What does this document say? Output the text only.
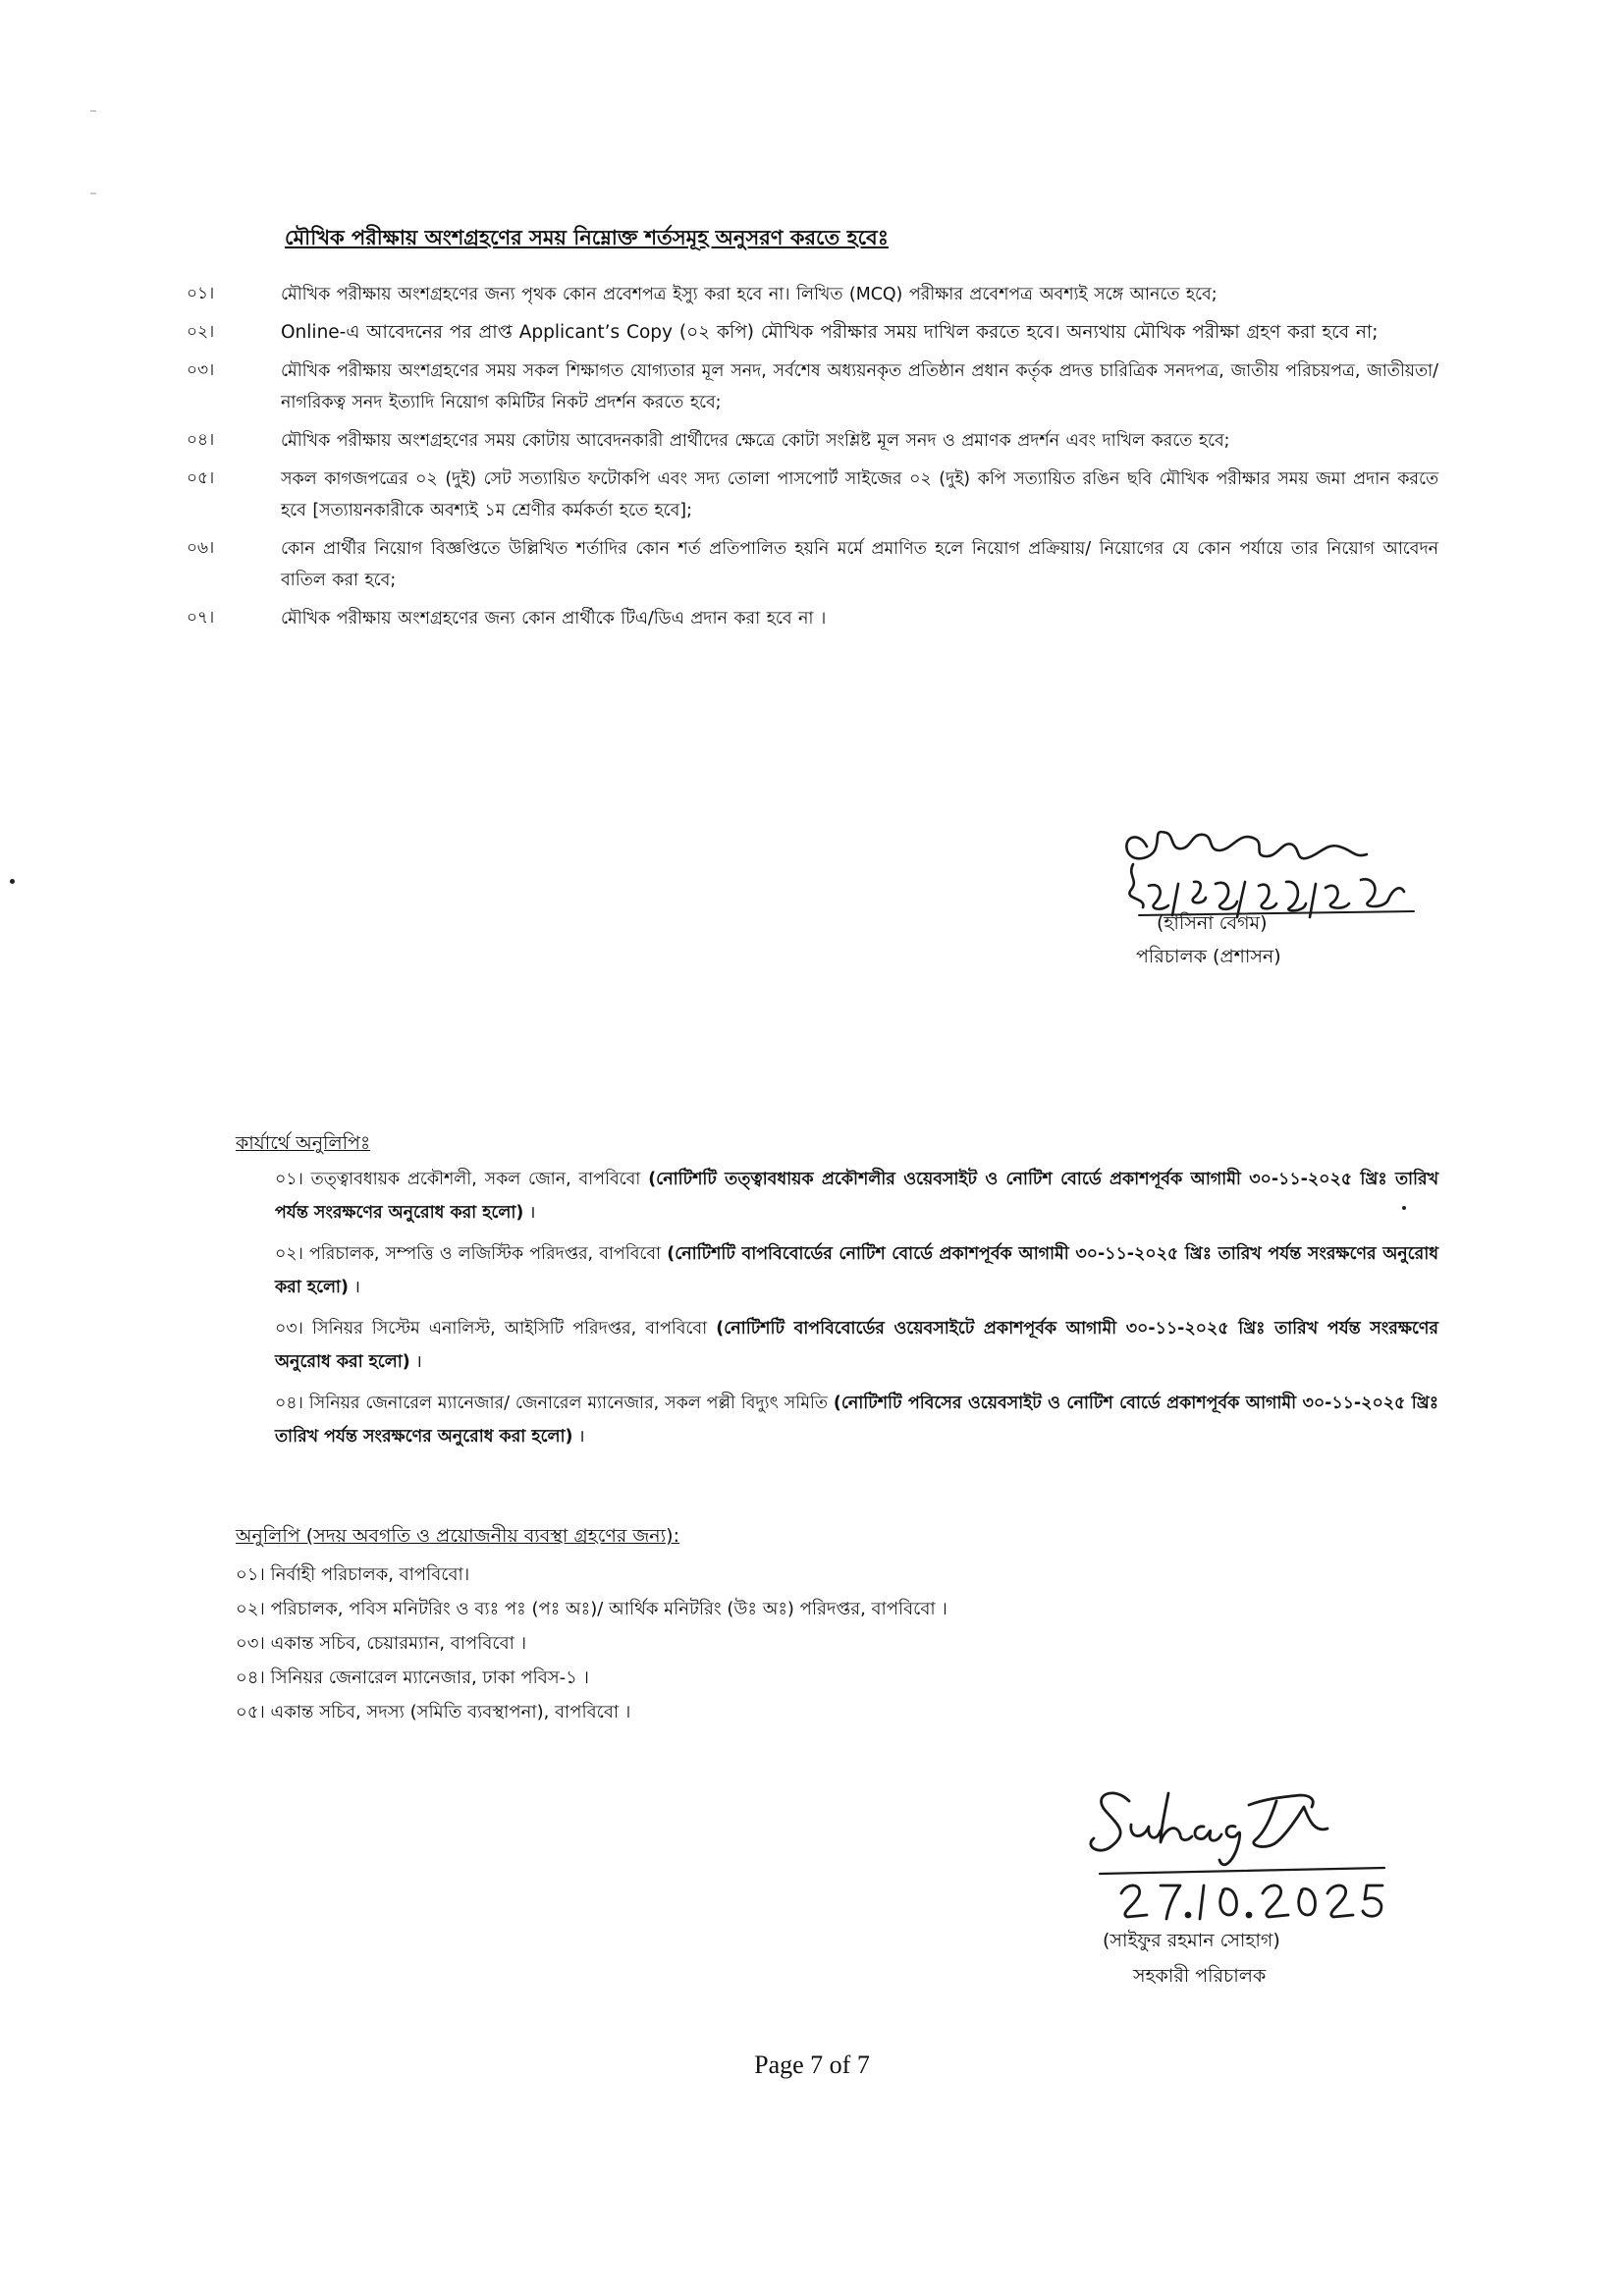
মৌখিক পরীক্ষায় অংশগ্রহণের সময় নিম্নোক্ত শর্তসমূহ অনুসরণ করতে হবেঃ
০১।	মৌখিক পরীক্ষায় অংশগ্রহণের জন্য পৃথক কোন প্রবেশপত্র ইস্যু করা হবে না। লিখিত (MCQ) পরীক্ষার প্রবেশপত্র অবশ্যই সঙ্গে আনতে হবে;
০২।	Online-এ আবেদনের পর প্রাপ্ত Applicant’s Copy (০২ কপি) মৌখিক পরীক্ষার সময় দাখিল করতে হবে। অন্যথায় মৌখিক পরীক্ষা গ্রহণ করা হবে না;
০৩।	মৌখিক পরীক্ষায় অংশগ্রহণের সময় সকল শিক্ষাগত যোগ্যতার মূল সনদ, সর্বশেষ অধ্যয়নকৃত প্রতিষ্ঠান প্রধান কর্তৃক প্রদত্ত চারিত্রিক সনদপত্র, জাতীয় পরিচয়পত্র, জাতীয়তা/নাগরিকত্ব সনদ ইত্যাদি নিয়োগ কমিটির নিকট প্রদর্শন করতে হবে;
০৪।	মৌখিক পরীক্ষায় অংশগ্রহণের সময় কোটায় আবেদনকারী প্রার্থীদের ক্ষেত্রে কোটা সংশ্লিষ্ট মূল সনদ ও প্রমাণক প্রদর্শন এবং দাখিল করতে হবে;
০৫।	সকল কাগজপত্রের ০২ (দুই) সেট সত্যায়িত ফটোকপি এবং সদ্য তোলা পাসপোর্ট সাইজের ০২ (দুই) কপি সত্যায়িত রঙিন ছবি মৌখিক পরীক্ষার সময় জমা প্রদান করতে হবে [সত্যায়নকারীকে অবশ্যই ১ম শ্রেণীর কর্মকর্তা হতে হবে];
০৬।	কোন প্রার্থীর নিয়োগ বিজ্ঞপ্তিতে উল্লিখিত শর্তাদির কোন শর্ত প্রতিপালিত হয়নি মর্মে প্রমাণিত হলে নিয়োগ প্রক্রিয়ায়/ নিয়োগের যে কোন পর্যায়ে তার নিয়োগ আবেদন বাতিল করা হবে;
০৭।	মৌখিক পরীক্ষায় অংশগ্রহণের জন্য কোন প্রার্থীকে টিএ/ডিএ প্রদান করা হবে না ।
(হাসিনা বেগম)
পরিচালক (প্রশাসন)
কার্যার্থে অনুলিপিঃ
০১। তত্ত্বাবধায়ক প্রকৌশলী, সকল জোন, বাপবিবো (নোটিশটি তত্ত্বাবধায়ক প্রকৌশলীর ওয়েবসাইট ও নোটিশ বোর্ডে প্রকাশপূর্বক আগামী ৩০-১১-২০২৫ খ্রিঃ তারিখ পর্যন্ত সংরক্ষণের অনুরোধ করা হলো) ।
০২। পরিচালক, সম্পত্তি ও লজিস্টিক পরিদপ্তর, বাপবিবো (নোটিশটি বাপবিবোর্ডের নোটিশ বোর্ডে প্রকাশপূর্বক আগামী ৩০-১১-২০২৫ খ্রিঃ তারিখ পর্যন্ত সংরক্ষণের অনুরোধ করা হলো) ।
০৩। সিনিয়র সিস্টেম এনালিস্ট, আইসিটি পরিদপ্তর, বাপবিবো (নোটিশটি বাপবিবোর্ডের ওয়েবসাইটে প্রকাশপূর্বক আগামী ৩০-১১-২০২৫ খ্রিঃ তারিখ পর্যন্ত সংরক্ষণের অনুরোধ করা হলো) ।
০৪। সিনিয়র জেনারেল ম্যানেজার/ জেনারেল ম্যানেজার, সকল পল্লী বিদ্যুৎ সমিতি (নোটিশটি পবিসের ওয়েবসাইট ও নোটিশ বোর্ডে প্রকাশপূর্বক আগামী ৩০-১১-২০২৫ খ্রিঃ তারিখ পর্যন্ত সংরক্ষণের অনুরোধ করা হলো) ।
অনুলিপি (সদয় অবগতি ও প্রয়োজনীয় ব্যবস্থা গ্রহণের জন্য):
০১। নির্বাহী পরিচালক, বাপবিবো।
০২। পরিচালক, পবিস মনিটরিং ও ব্যঃ পঃ (পঃ অঃ)/ আর্থিক মনিটরিং (উঃ অঃ) পরিদপ্তর, বাপবিবো ।
০৩। একান্ত সচিব, চেয়ারম্যান, বাপবিবো ।
০৪। সিনিয়র জেনারেল ম্যানেজার, ঢাকা পবিস-১ ।
০৫। একান্ত সচিব, সদস্য (সমিতি ব্যবস্থাপনা), বাপবিবো ।
(সাইফুর রহমান সোহাগ)
সহকারী পরিচালক
Page 7 of 7
